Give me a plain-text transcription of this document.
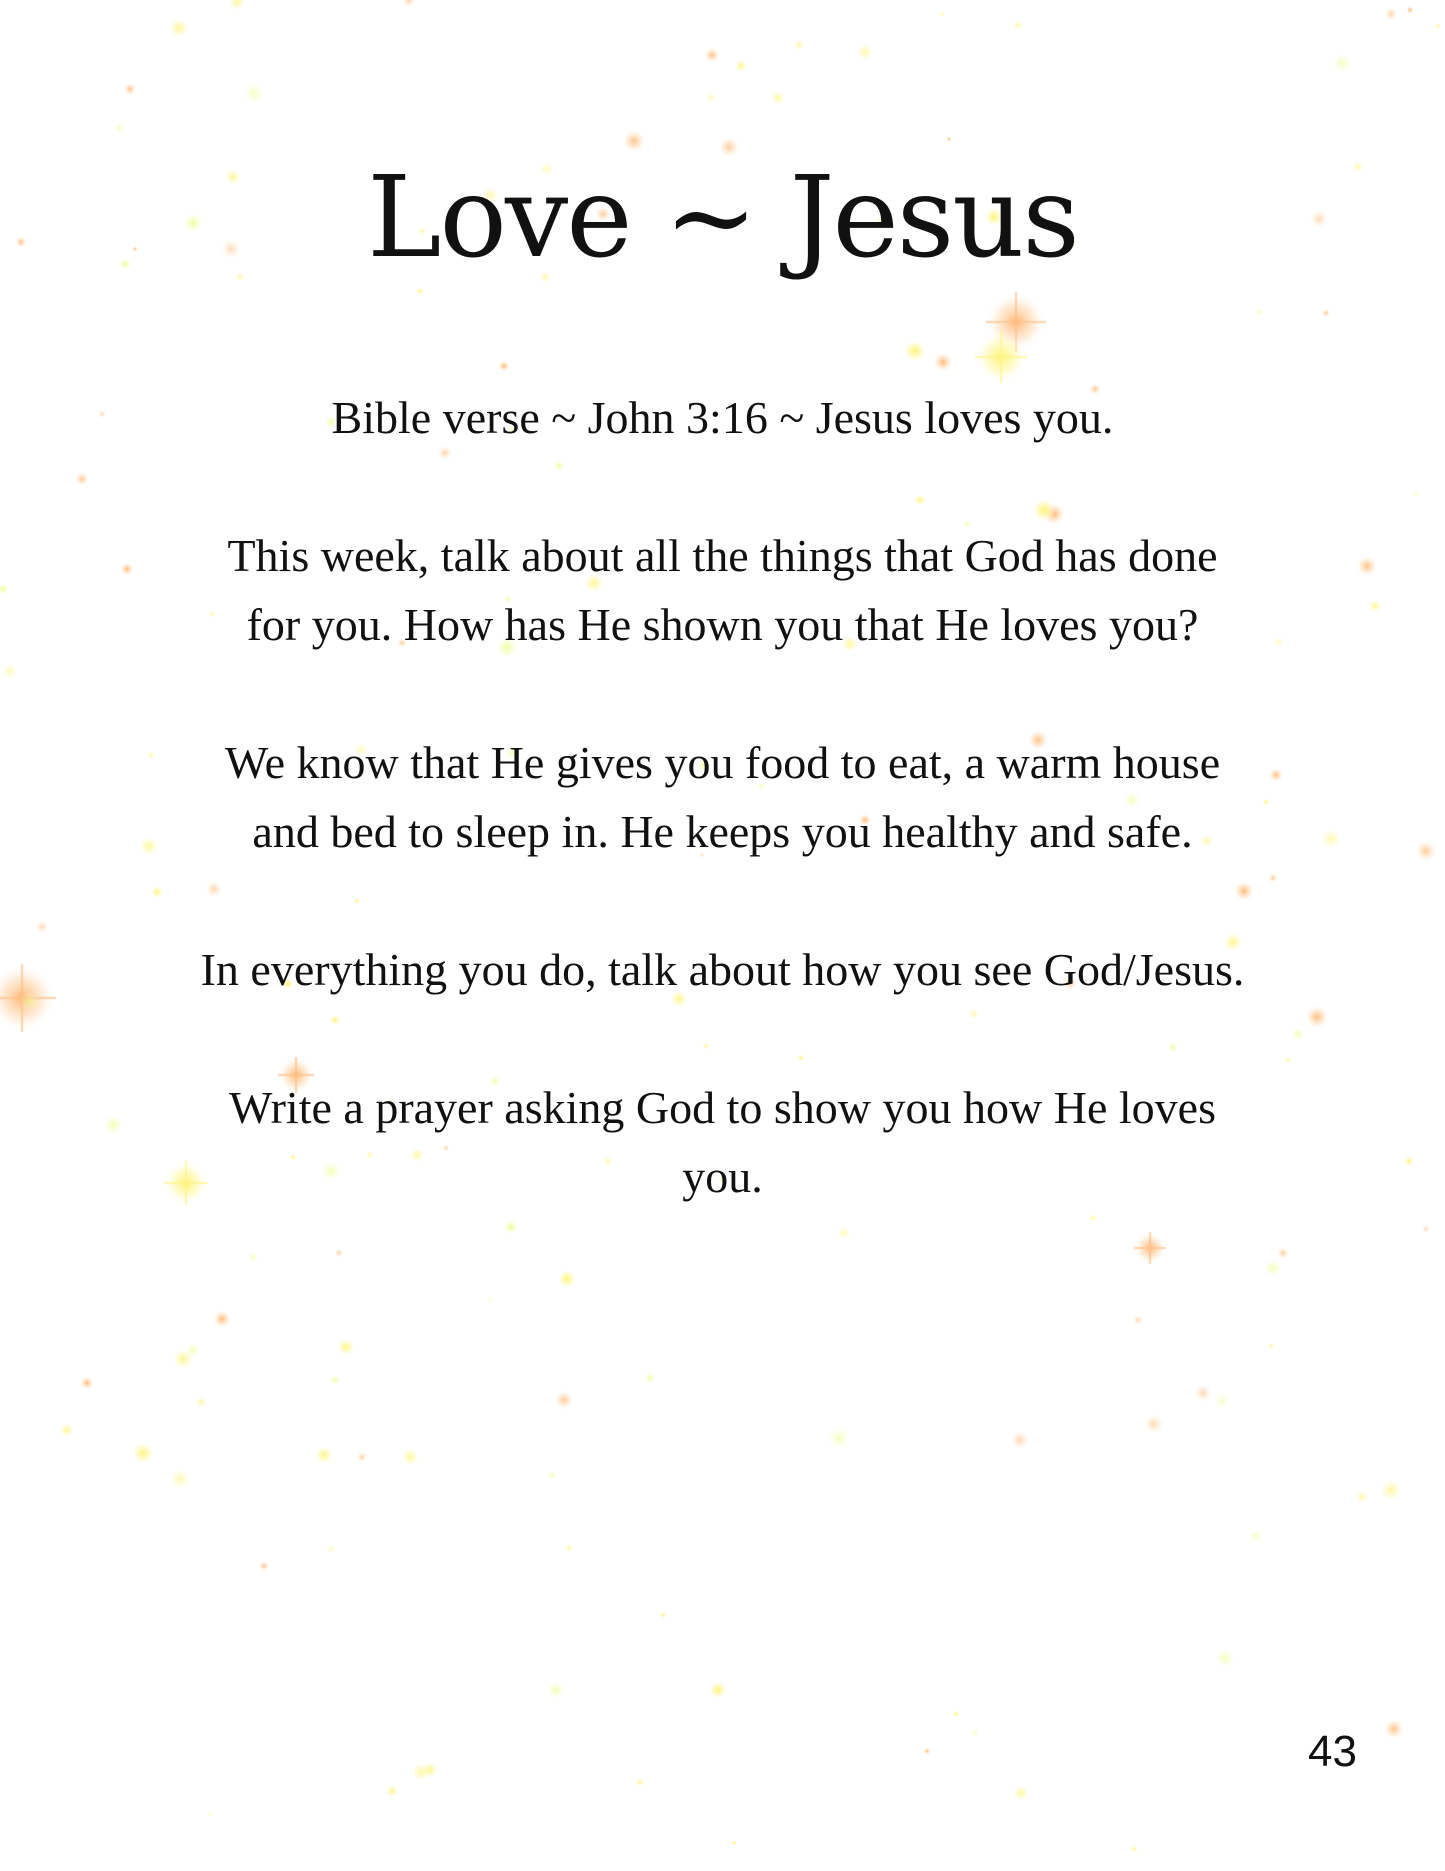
Love ~ Jesus

Bible verse ~ John 3:16 ~ Jesus loves you.

This week, talk about all the things that God has done for you. How has He shown you that He loves you?

We know that He gives you food to eat, a warm house and bed to sleep in. He keeps you healthy and safe.

In everything you do, talk about how you see God/Jesus.

Write a prayer asking God to show you how He loves you.

43
